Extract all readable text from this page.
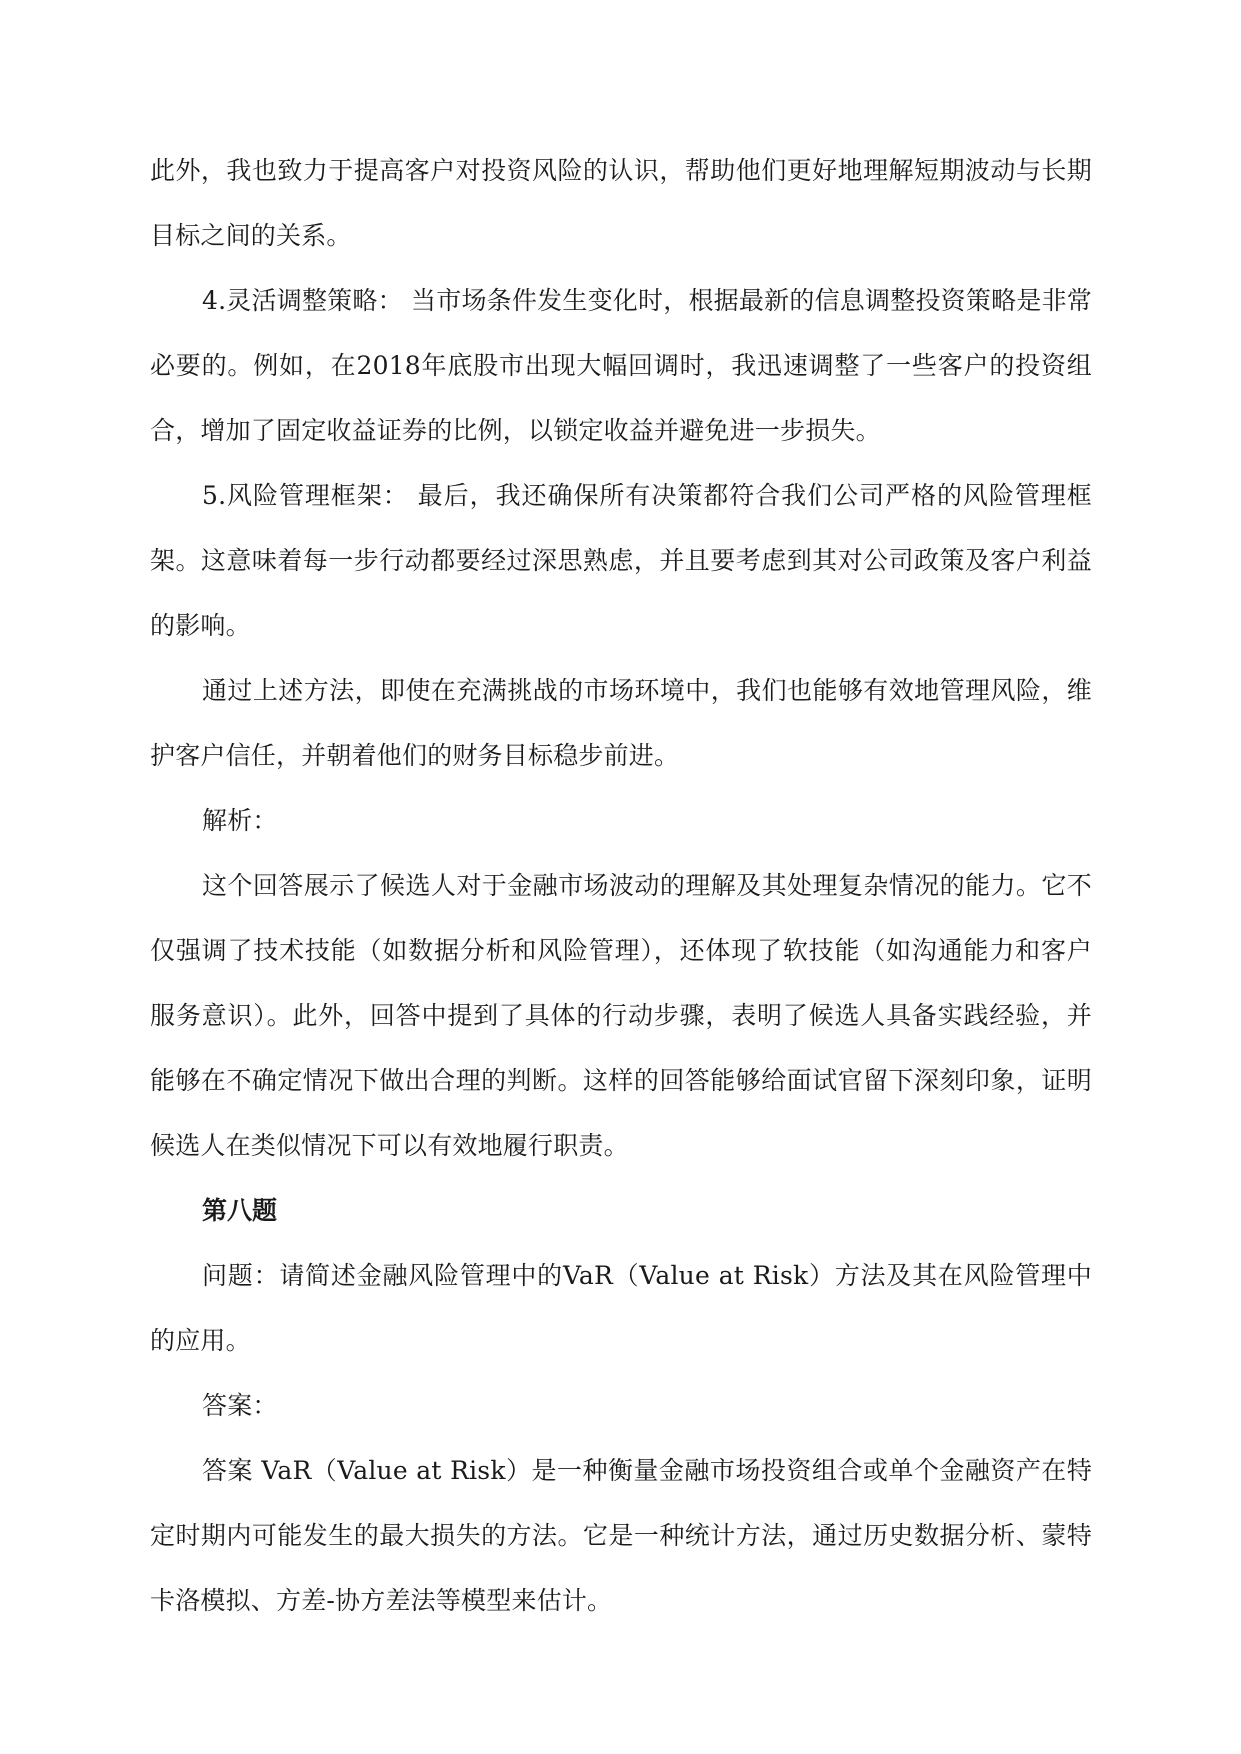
此外，我也致力于提高客户对投资风险的认识，帮助他们更好地理解短期波动与长期目标之间的关系。

4.灵活调整策略： 当市场条件发生变化时，根据最新的信息调整投资策略是非常必要的。例如，在2018年底股市出现大幅回调时，我迅速调整了一些客户的投资组合，增加了固定收益证券的比例，以锁定收益并避免进一步损失。

5.风险管理框架： 最后，我还确保所有决策都符合我们公司严格的风险管理框架。这意味着每一步行动都要经过深思熟虑，并且要考虑到其对公司政策及客户利益的影响。

通过上述方法，即使在充满挑战的市场环境中，我们也能够有效地管理风险，维护客户信任，并朝着他们的财务目标稳步前进。

解析：

这个回答展示了候选人对于金融市场波动的理解及其处理复杂情况的能力。它不仅强调了技术技能（如数据分析和风险管理），还体现了软技能（如沟通能力和客户服务意识）。此外，回答中提到了具体的行动步骤，表明了候选人具备实践经验，并能够在不确定情况下做出合理的判断。这样的回答能够给面试官留下深刻印象，证明候选人在类似情况下可以有效地履行职责。

第八题

问题：请简述金融风险管理中的VaR（Value at Risk）方法及其在风险管理中的应用。

答案：

答案 VaR（Value at Risk）是一种衡量金融市场投资组合或单个金融资产在特定时期内可能发生的最大损失的方法。它是一种统计方法，通过历史数据分析、蒙特卡洛模拟、方差-协方差法等模型来估计。
